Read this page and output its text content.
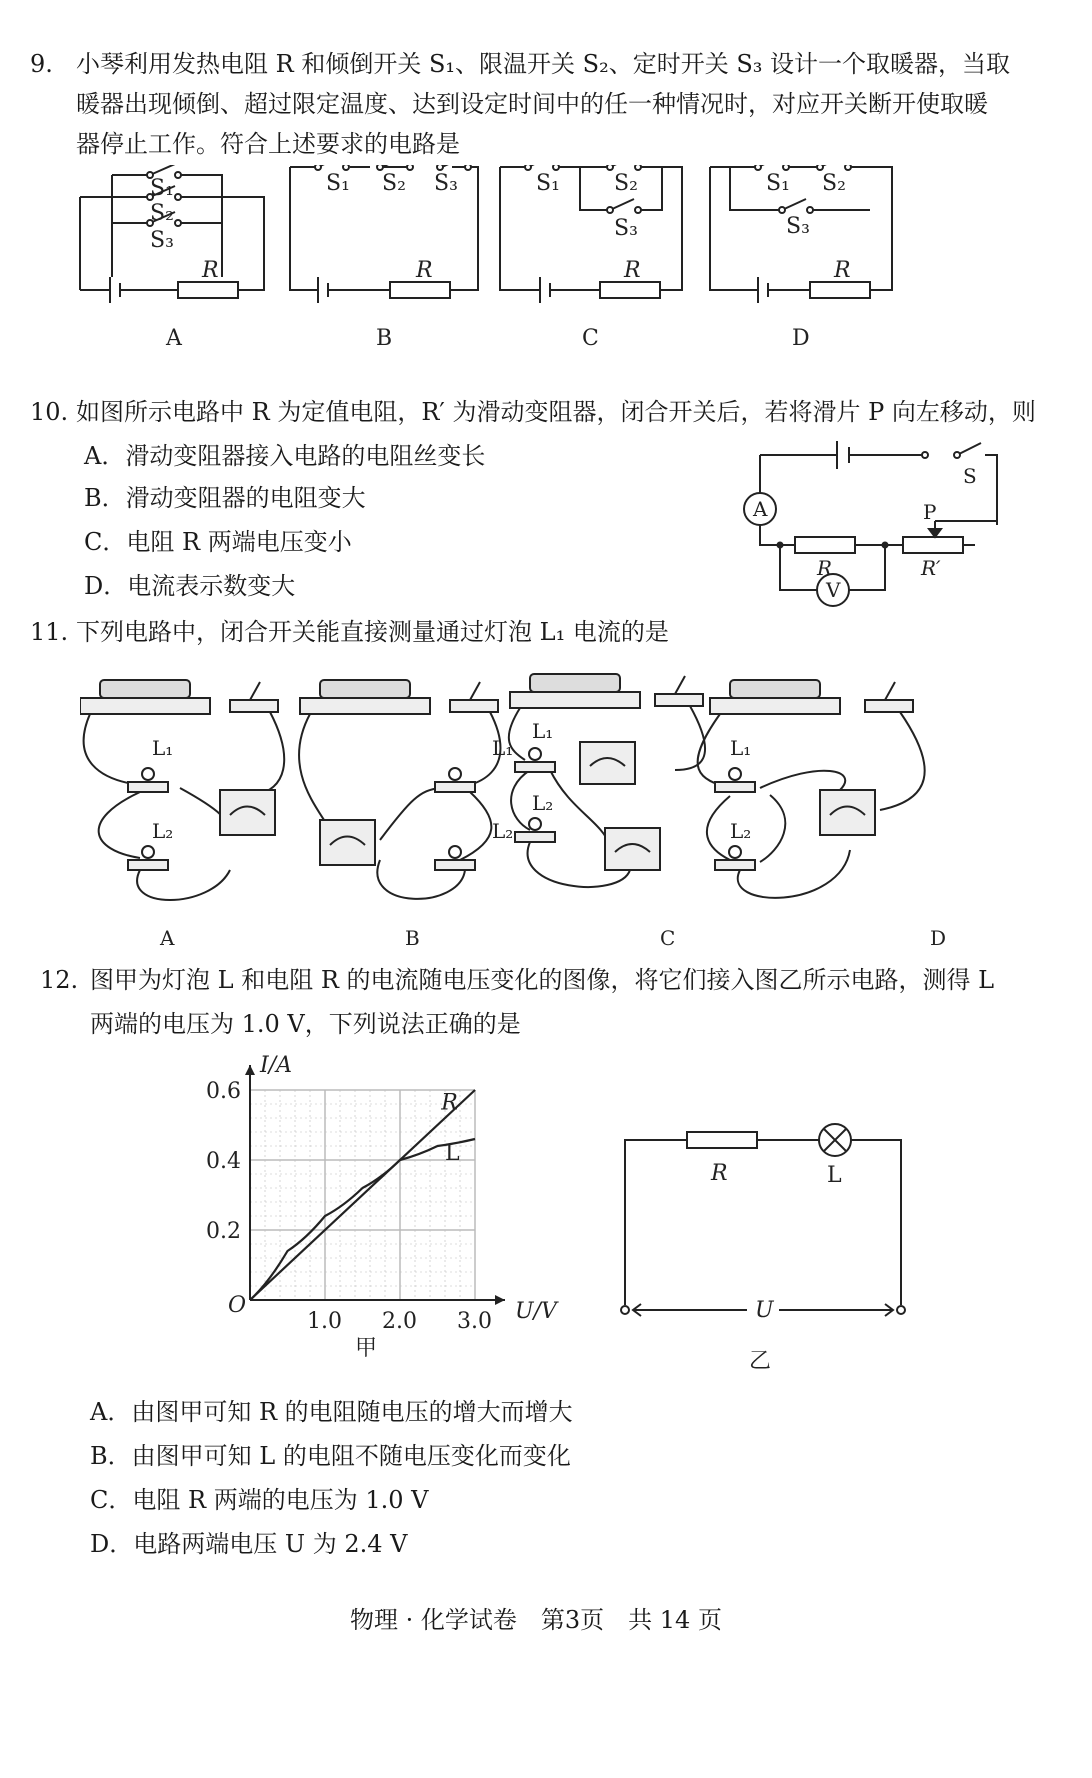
9. 小琴利用发热电阻 R 和倾倒开关 S₁、限温开关 S₂、定时开关 S₃ 设计一个取暖器，当取
暖器出现倾倒、超过限定温度、达到设定时间中的任一种情况时，对应开关断开使取暖
器停止工作。符合上述要求的电路是
S₁
S₂
S₃
R
S₁ S₂ S₃
R
S₁ S₂
S₃
R
S₁ S₂
S₃
R
A	B	C	D
10. 如图所示电路中 R 为定值电阻，R′ 为滑动变阻器，闭合开关后，若将滑片 P 向左移动，则
A．滑动变阻器接入电路的电阻丝变长
B．滑动变阻器的电阻变大
C．电阻 R 两端电压变小
D．电流表示数变大
A
V
S
P
R	R′
11. 下列电路中，闭合开关能直接测量通过灯泡 L₁ 电流的是
L₁
L₂
L₁
L₂
L₁
L₂
L₁
L₂
A	B	C	D
12. 图甲为灯泡 L 和电阻 R 的电流随电压变化的图像，将它们接入图乙所示电路，测得 L
两端的电压为 1.0 V，下列说法正确的是
1.0 2.0 3.0
0.2
0.4
0.6
O	U/V
I/A
R
L
甲
R	L
U
乙
A．由图甲可知 R 的电阻随电压的增大而增大
B．由图甲可知 L 的电阻不随电压变化而变化
C．电阻 R 两端的电压为 1.0 V
D．电路两端电压 U 为 2.4 V
物理 · 化学试卷　第3页　共 14 页
